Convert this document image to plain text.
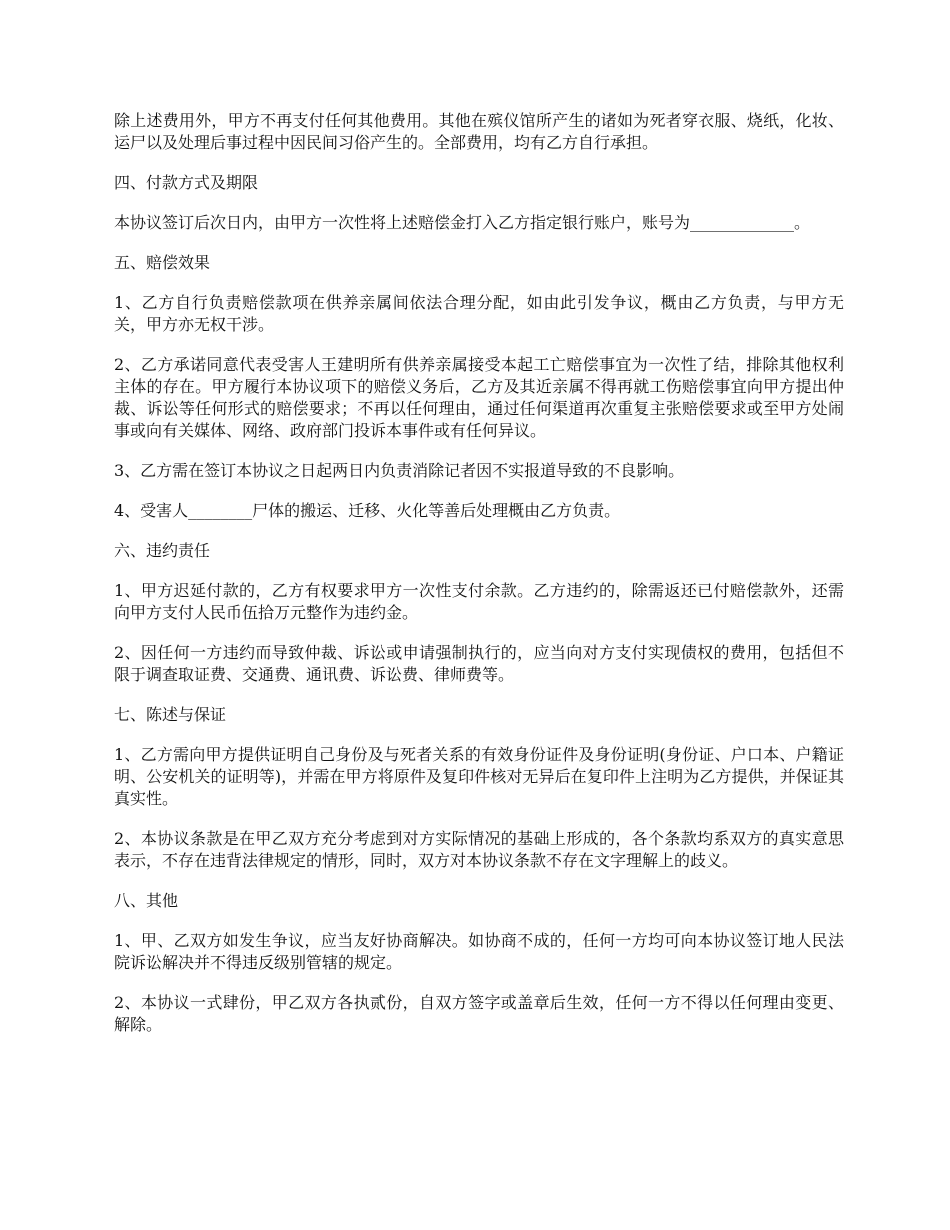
除上述费用外，甲方不再支付任何其他费用。其他在殡仪馆所产生的诸如为死者穿衣服、烧纸，化妆、运尸以及处理后事过程中因民间习俗产生的。全部费用，均有乙方自行承担。

四、付款方式及期限

本协议签订后次日内，由甲方一次性将上述赔偿金打入乙方指定银行账户，账号为_____________。

五、赔偿效果

1、乙方自行负责赔偿款项在供养亲属间依法合理分配，如由此引发争议，概由乙方负责，与甲方无关，甲方亦无权干涉。

2、乙方承诺同意代表受害人王建明所有供养亲属接受本起工亡赔偿事宜为一次性了结，排除其他权利主体的存在。甲方履行本协议项下的赔偿义务后，乙方及其近亲属不得再就工伤赔偿事宜向甲方提出仲裁、诉讼等任何形式的赔偿要求；不再以任何理由，通过任何渠道再次重复主张赔偿要求或至甲方处闹事或向有关媒体、网络、政府部门投诉本事件或有任何异议。

3、乙方需在签订本协议之日起两日内负责消除记者因不实报道导致的不良影响。

4、受害人________尸体的搬运、迁移、火化等善后处理概由乙方负责。

六、违约责任

1、甲方迟延付款的，乙方有权要求甲方一次性支付余款。乙方违约的，除需返还已付赔偿款外，还需向甲方支付人民币伍拾万元整作为违约金。

2、因任何一方违约而导致仲裁、诉讼或申请强制执行的，应当向对方支付实现债权的费用，包括但不限于调查取证费、交通费、通讯费、诉讼费、律师费等。

七、陈述与保证

1、乙方需向甲方提供证明自己身份及与死者关系的有效身份证件及身份证明(身份证、户口本、户籍证明、公安机关的证明等)，并需在甲方将原件及复印件核对无异后在复印件上注明为乙方提供，并保证其真实性。

2、本协议条款是在甲乙双方充分考虑到对方实际情况的基础上形成的，各个条款均系双方的真实意思表示，不存在违背法律规定的情形，同时，双方对本协议条款不存在文字理解上的歧义。

八、其他

1、甲、乙双方如发生争议，应当友好协商解决。如协商不成的，任何一方均可向本协议签订地人民法院诉讼解决并不得违反级别管辖的规定。

2、本协议一式肆份，甲乙双方各执贰份，自双方签字或盖章后生效，任何一方不得以任何理由变更、解除。
